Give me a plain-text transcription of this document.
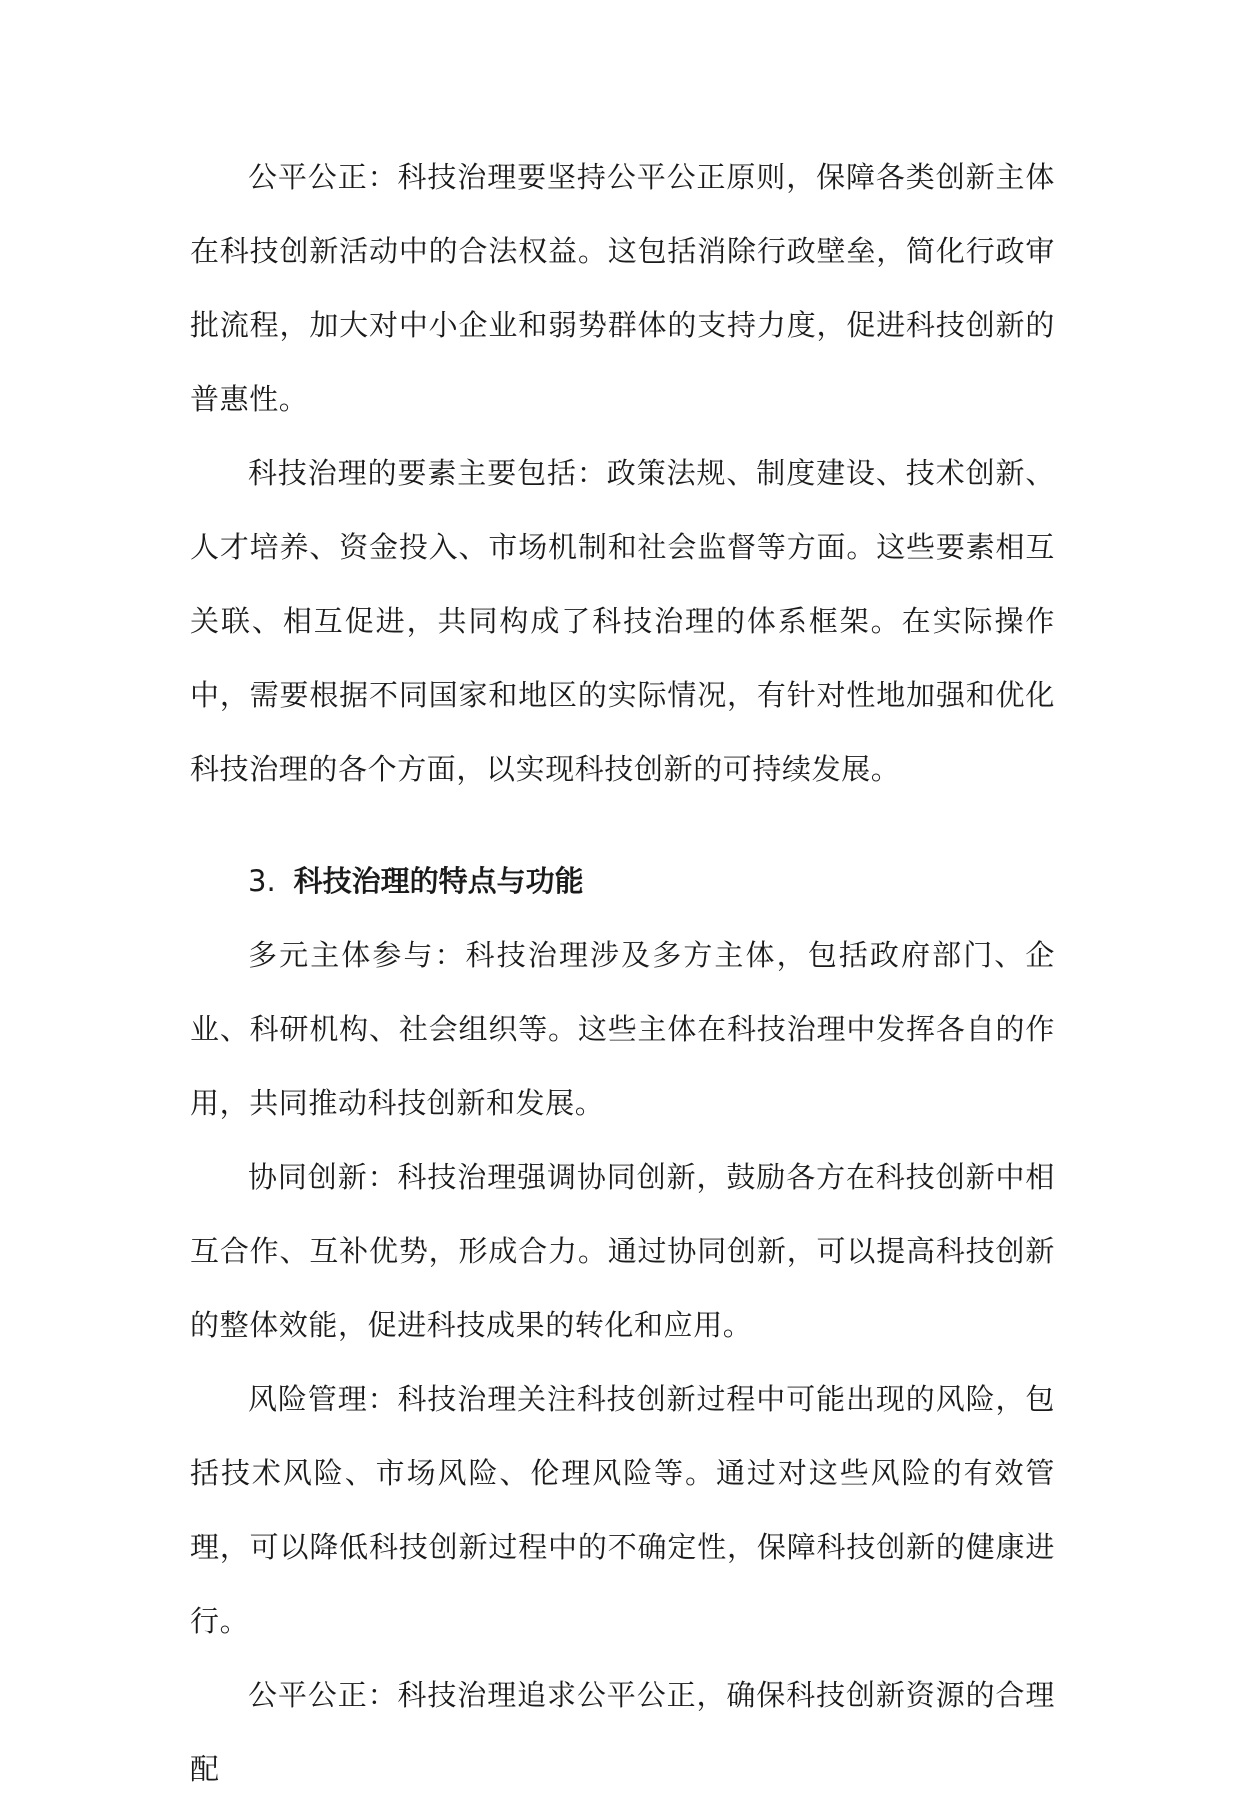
公平公正：科技治理要坚持公平公正原则，保障各类创新主体在科技创新活动中的合法权益。这包括消除行政壁垒，简化行政审批流程，加大对中小企业和弱势群体的支持力度，促进科技创新的普惠性。

科技治理的要素主要包括：政策法规、制度建设、技术创新、人才培养、资金投入、市场机制和社会监督等方面。这些要素相互关联、相互促进，共同构成了科技治理的体系框架。在实际操作中，需要根据不同国家和地区的实际情况，有针对性地加强和优化科技治理的各个方面，以实现科技创新的可持续发展。

3. 科技治理的特点与功能

多元主体参与：科技治理涉及多方主体，包括政府部门、企业、科研机构、社会组织等。这些主体在科技治理中发挥各自的作用，共同推动科技创新和发展。

协同创新：科技治理强调协同创新，鼓励各方在科技创新中相互合作、互补优势，形成合力。通过协同创新，可以提高科技创新的整体效能，促进科技成果的转化和应用。

风险管理：科技治理关注科技创新过程中可能出现的风险，包括技术风险、市场风险、伦理风险等。通过对这些风险的有效管理，可以降低科技创新过程中的不确定性，保障科技创新的健康进行。

公平公正：科技治理追求公平公正，确保科技创新资源的合理配
